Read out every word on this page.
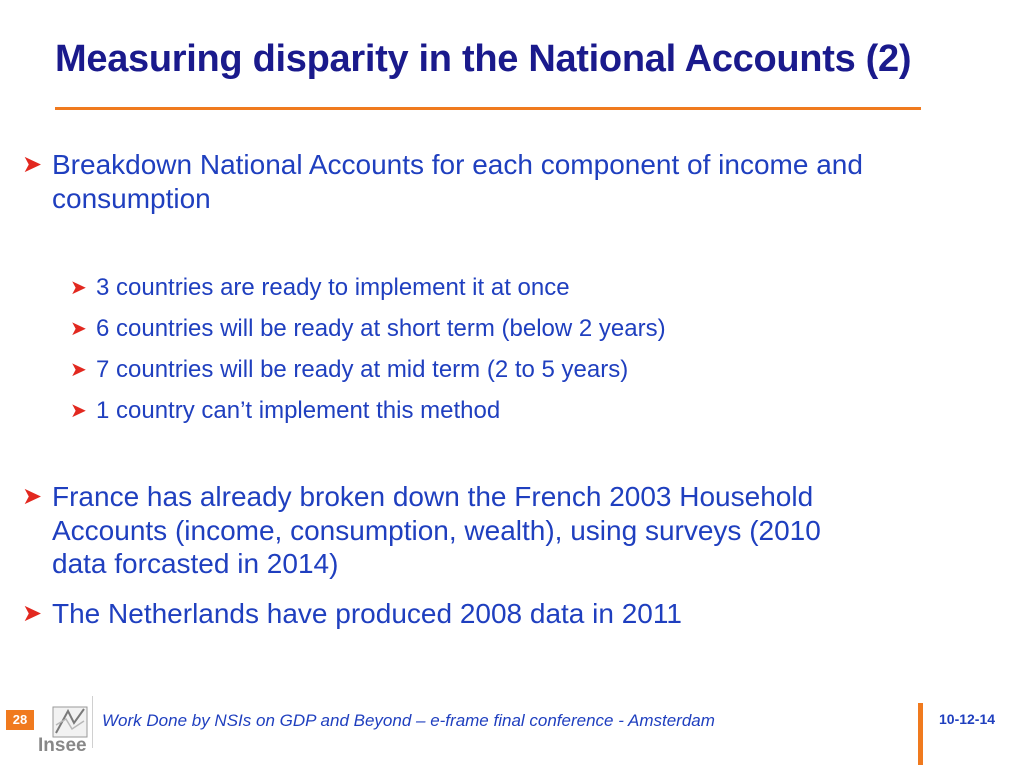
Measuring disparity in the National Accounts (2)
➤ Breakdown National Accounts for each component of income and consumption
➤ 3 countries are ready to implement it at once
➤ 6 countries will be ready at short term (below 2 years)
➤ 7 countries will be ready at mid term (2 to 5 years)
➤ 1 country can’t implement this method
➤ France has already broken down the French 2003 Household Accounts (income, consumption, wealth), using surveys (2010 data forcasted in 2014)
➤ The Netherlands have produced 2008 data in 2011
28
Insee
Work Done by NSIs on GDP and Beyond – e-frame final conference - Amsterdam	10-12-14
